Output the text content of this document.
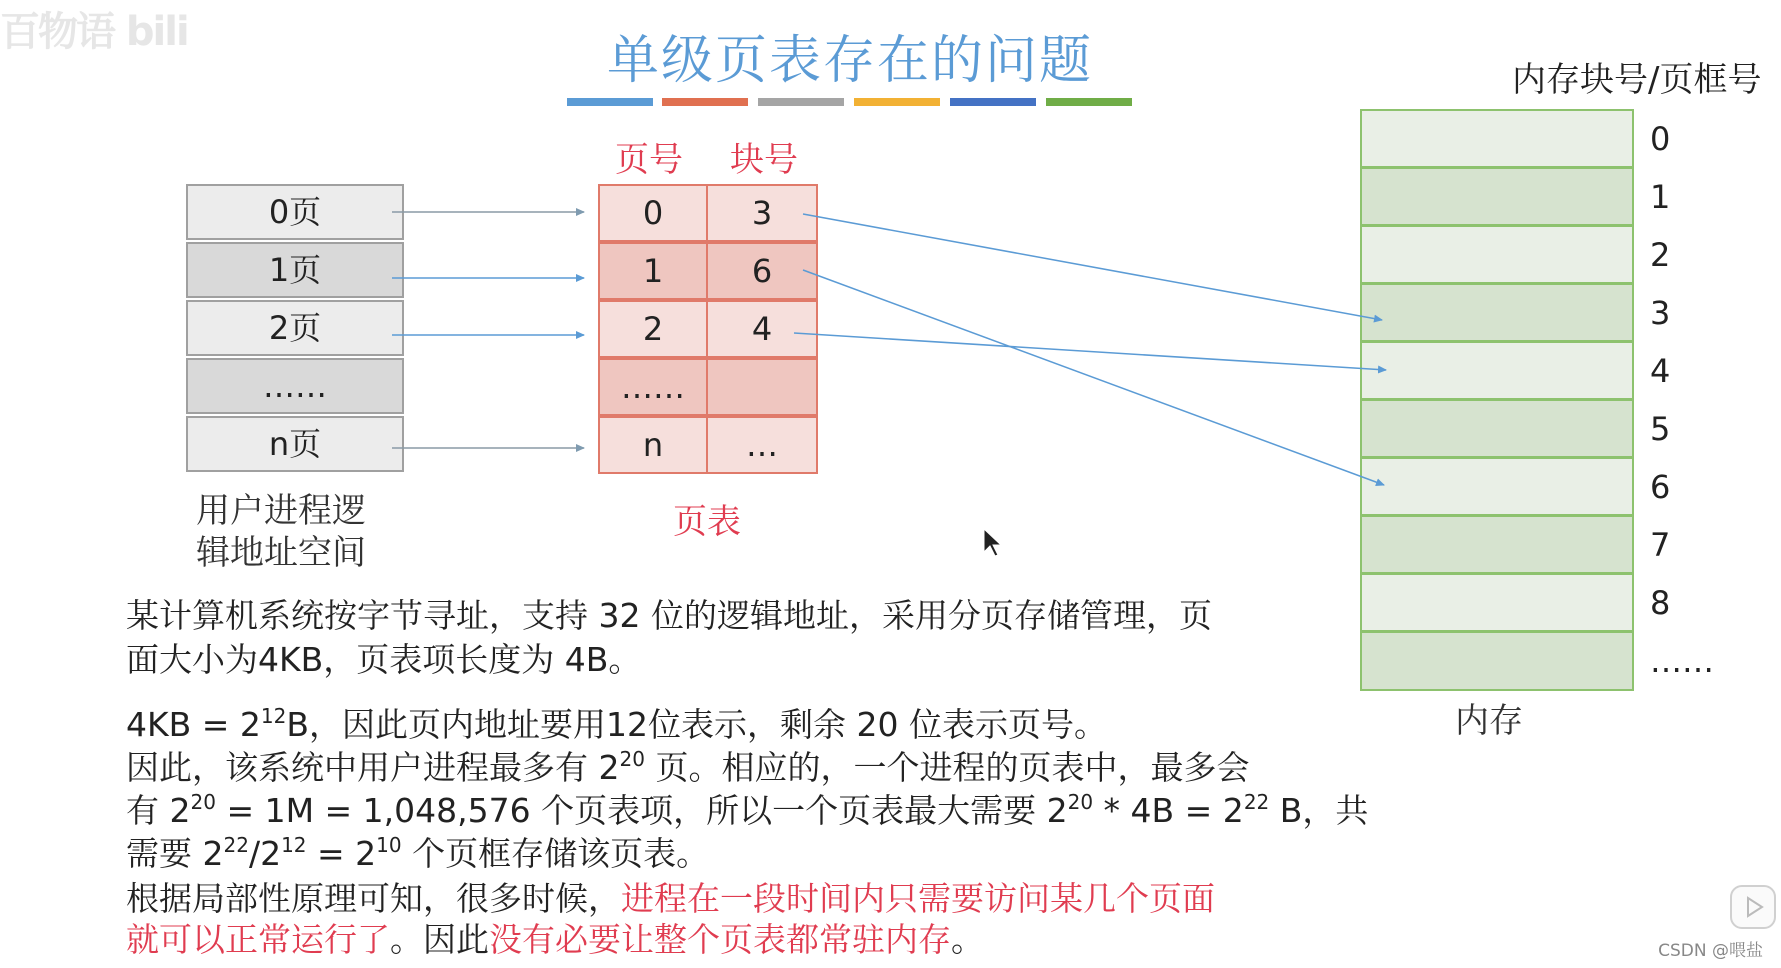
百物语 bili	单级页表存在的问题
0页
1页
2页
……
n页
用户进程逻
辑地址空间
页号 块号
0	3
1	6
2	4
……
n	…
页表
内存块号/页框号
0
1
2
3
4
5
6
7
8
……
内存
某计算机系统按字节寻址，支持 32 位的逻辑地址，采用分页存储管理，页
面大小为4KB，页表项长度为 4B。
$4KB = 2^{12}B$，因此页内地址要用12位表示，剩余 20 位表示页号。
因此，该系统中用户进程最多有 $2^{20}$ 页。相应的，一个进程的页表中，最多会
有 $2^{20} = 1M = 1,048,576$ 个页表项，所以一个页表最大需要 $2^{20} * 4B = 2^{22}$ B，共
需要 $2^{22}/2^{12} = 2^{10}$ 个页框存储该页表。
根据局部性原理可知，很多时候，进程在一段时间内只需要访问某几个页面
就可以正常运行了。因此没有必要让整个页表都常驻内存。	CSDN @喂盐
